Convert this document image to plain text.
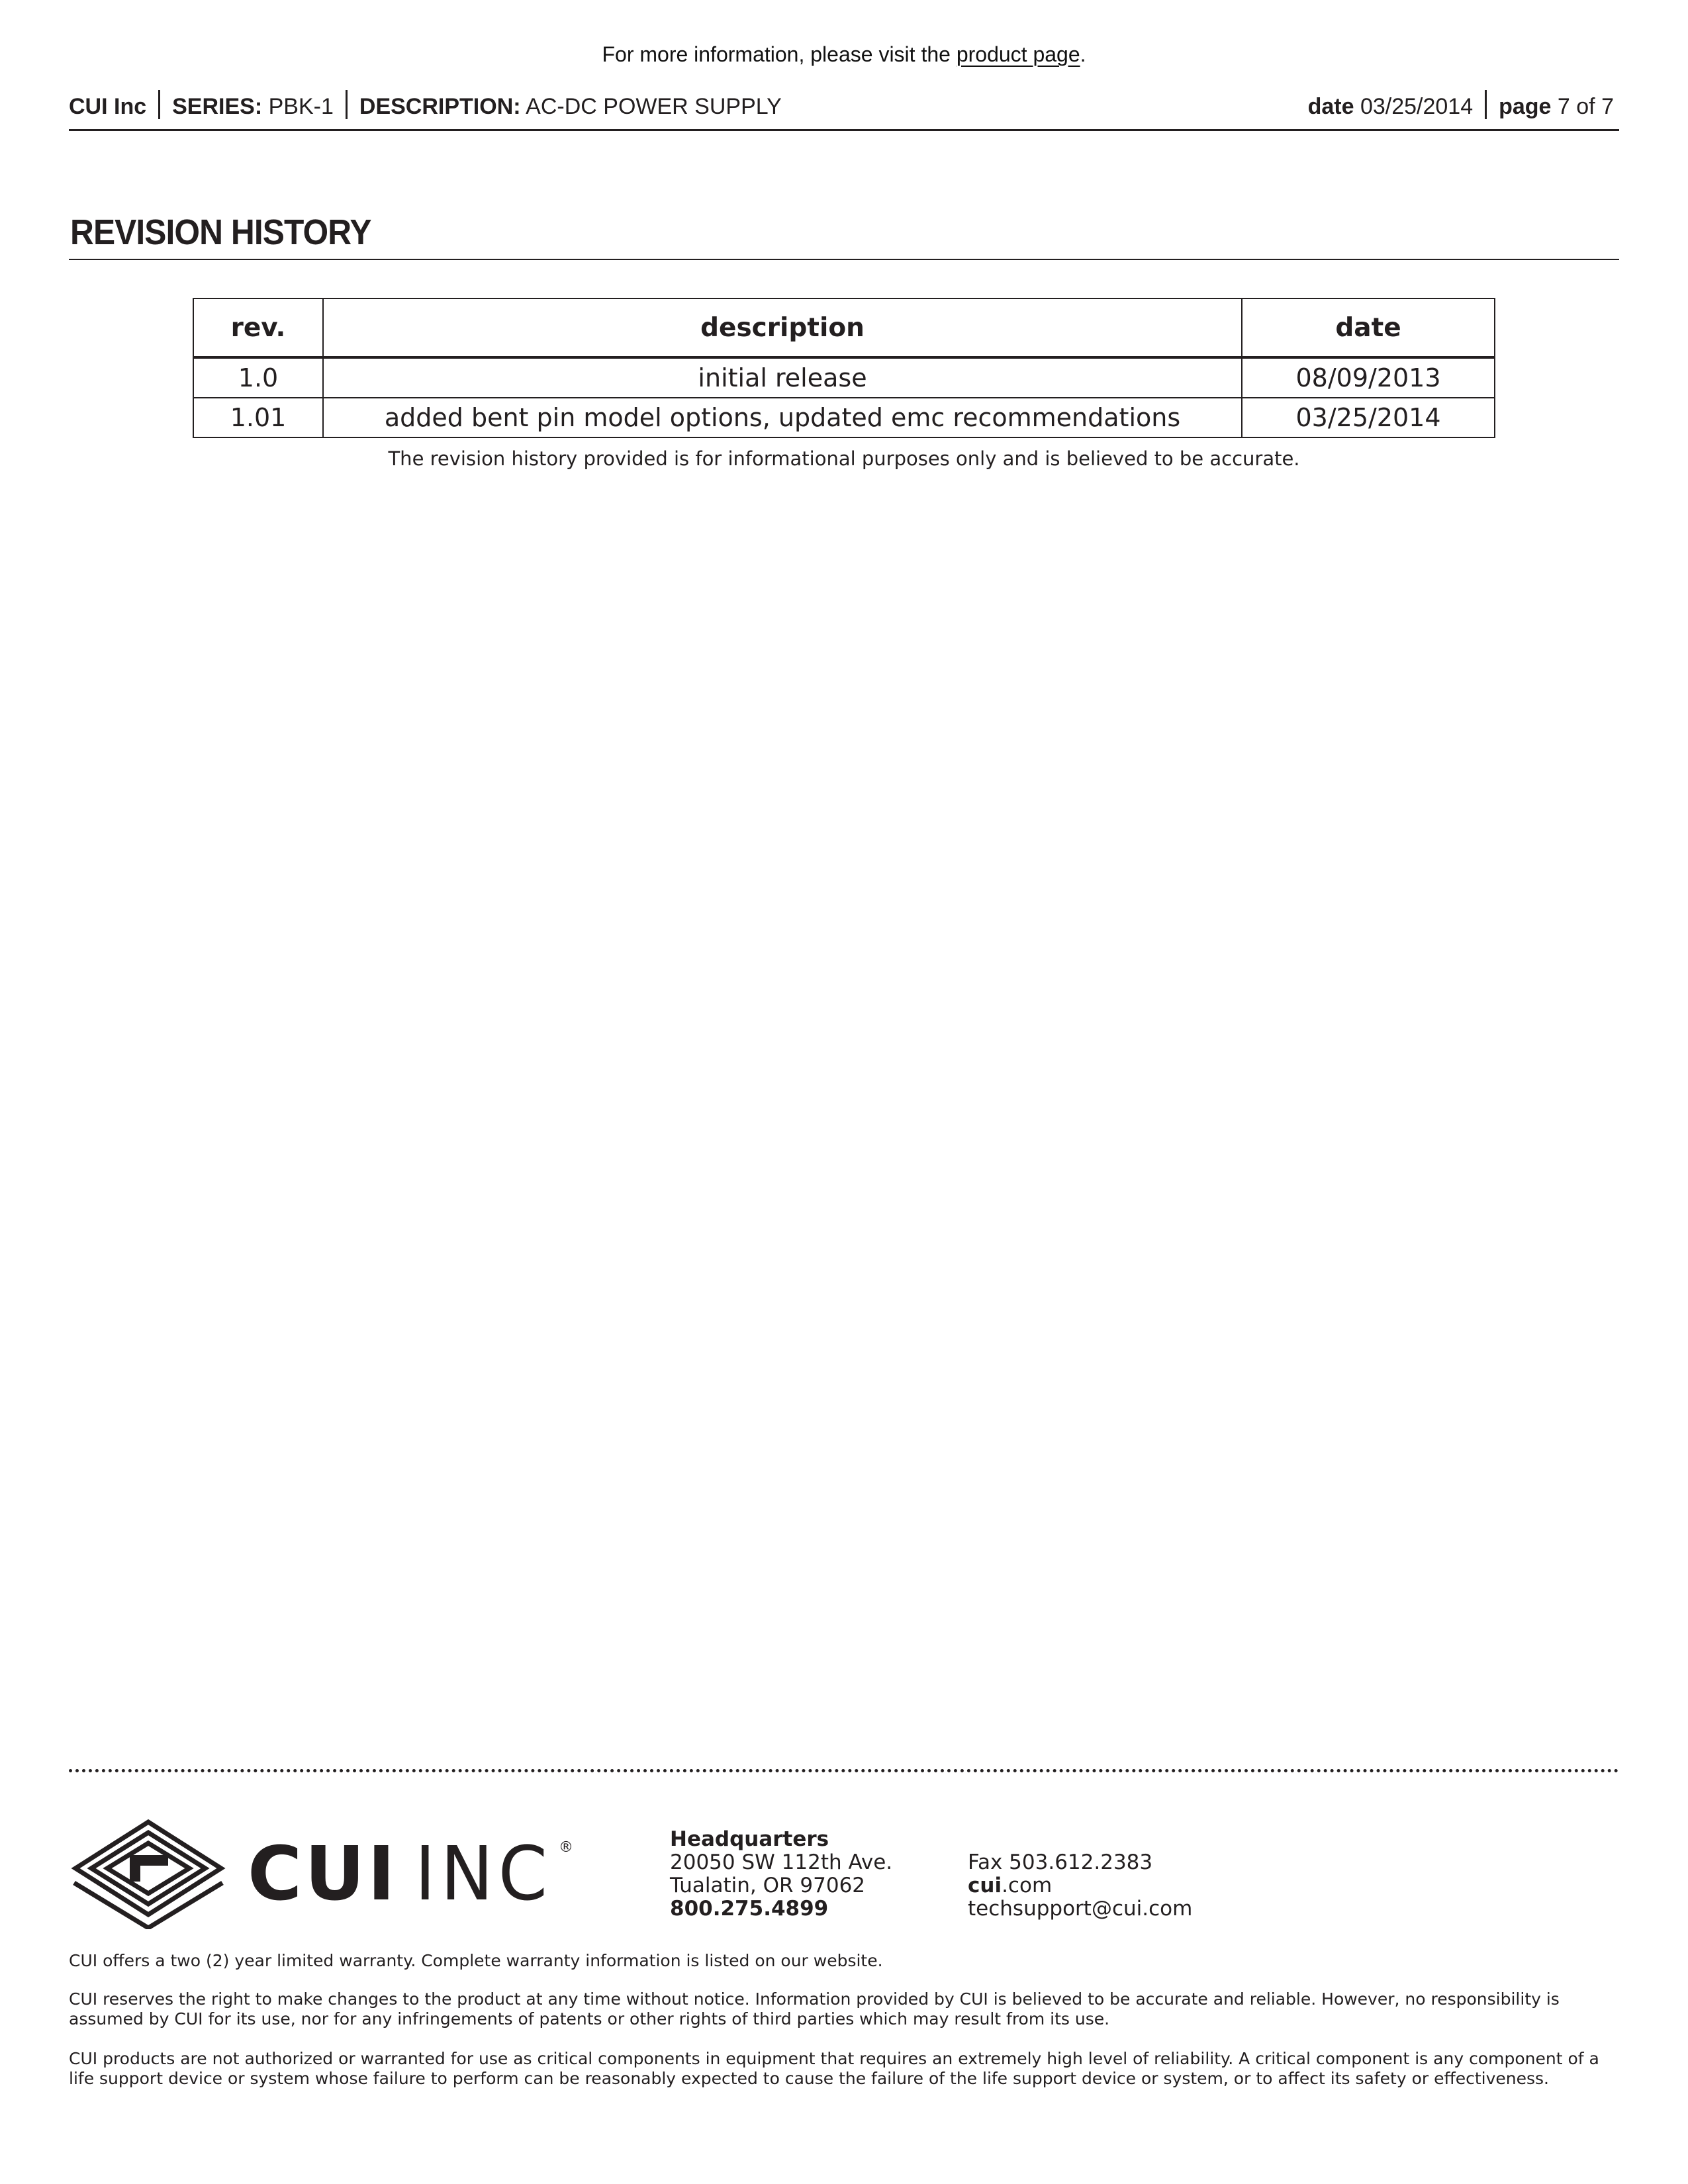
For more information, please visit the product page.
CUI Inc SERIES: PBK-1 DESCRIPTION: AC-DC POWER SUPPLY	date 03/25/2014 page 7 of 7
REVISION HISTORY
rev.	description	date
1.0	initial release	08/09/2013
1.01	added bent pin model options, updated emc recommendations	03/25/2014
The revision history provided is for informational purposes only and is believed to be accurate.
CUI INC ®	Headquarters
20050 SW 112th Ave.
Tualatin, OR 97062
800.275.4899
Fax 503.612.2383
cui.com
techsupport@cui.com
CUI offers a two (2) year limited warranty. Complete warranty information is listed on our website.
CUI reserves the right to make changes to the product at any time without notice. Information provided by CUI is believed to be accurate and reliable. However, no responsibility is assumed by CUI for its use, nor for any infringements of patents or other rights of third parties which may result from its use.
CUI products are not authorized or warranted for use as critical components in equipment that requires an extremely high level of reliability. A critical component is any component of a life support device or system whose failure to perform can be reasonably expected to cause the failure of the life support device or system, or to affect its safety or effectiveness.
